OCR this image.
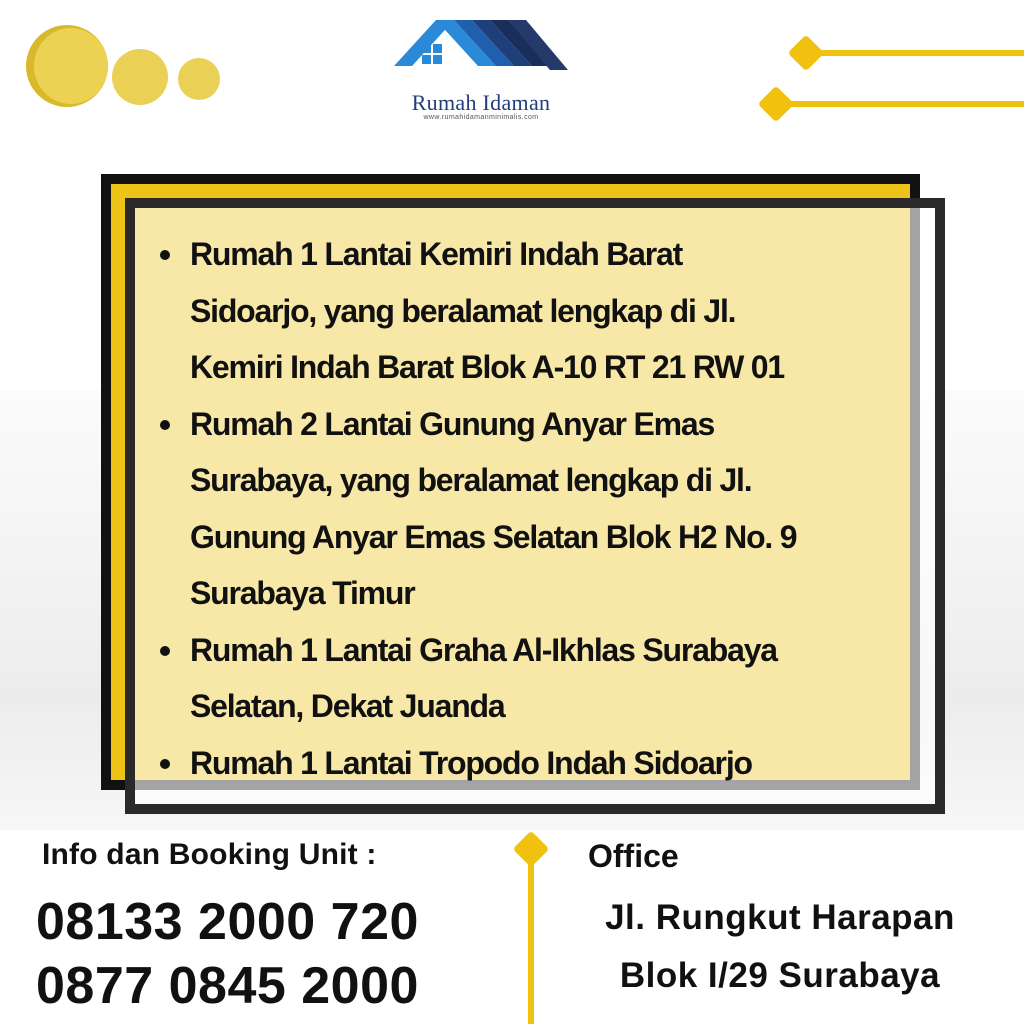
Rumah Idaman
www.rumahidamanminimalis.com
Rumah 1 Lantai Kemiri Indah Barat
Sidoarjo, yang beralamat lengkap di Jl.
Kemiri Indah Barat Blok A-10 RT 21 RW 01
Rumah 2 Lantai Gunung Anyar Emas
Surabaya, yang beralamat lengkap di Jl.
Gunung Anyar Emas Selatan Blok H2 No. 9
Surabaya Timur
Rumah 1 Lantai Graha Al-Ikhlas Surabaya
Selatan, Dekat Juanda
Rumah 1 Lantai Tropodo Indah Sidoarjo
Info dan Booking Unit :
08133 2000 720
0877 0845 2000
Office
Jl. Rungkut Harapan
Blok I/29 Surabaya
